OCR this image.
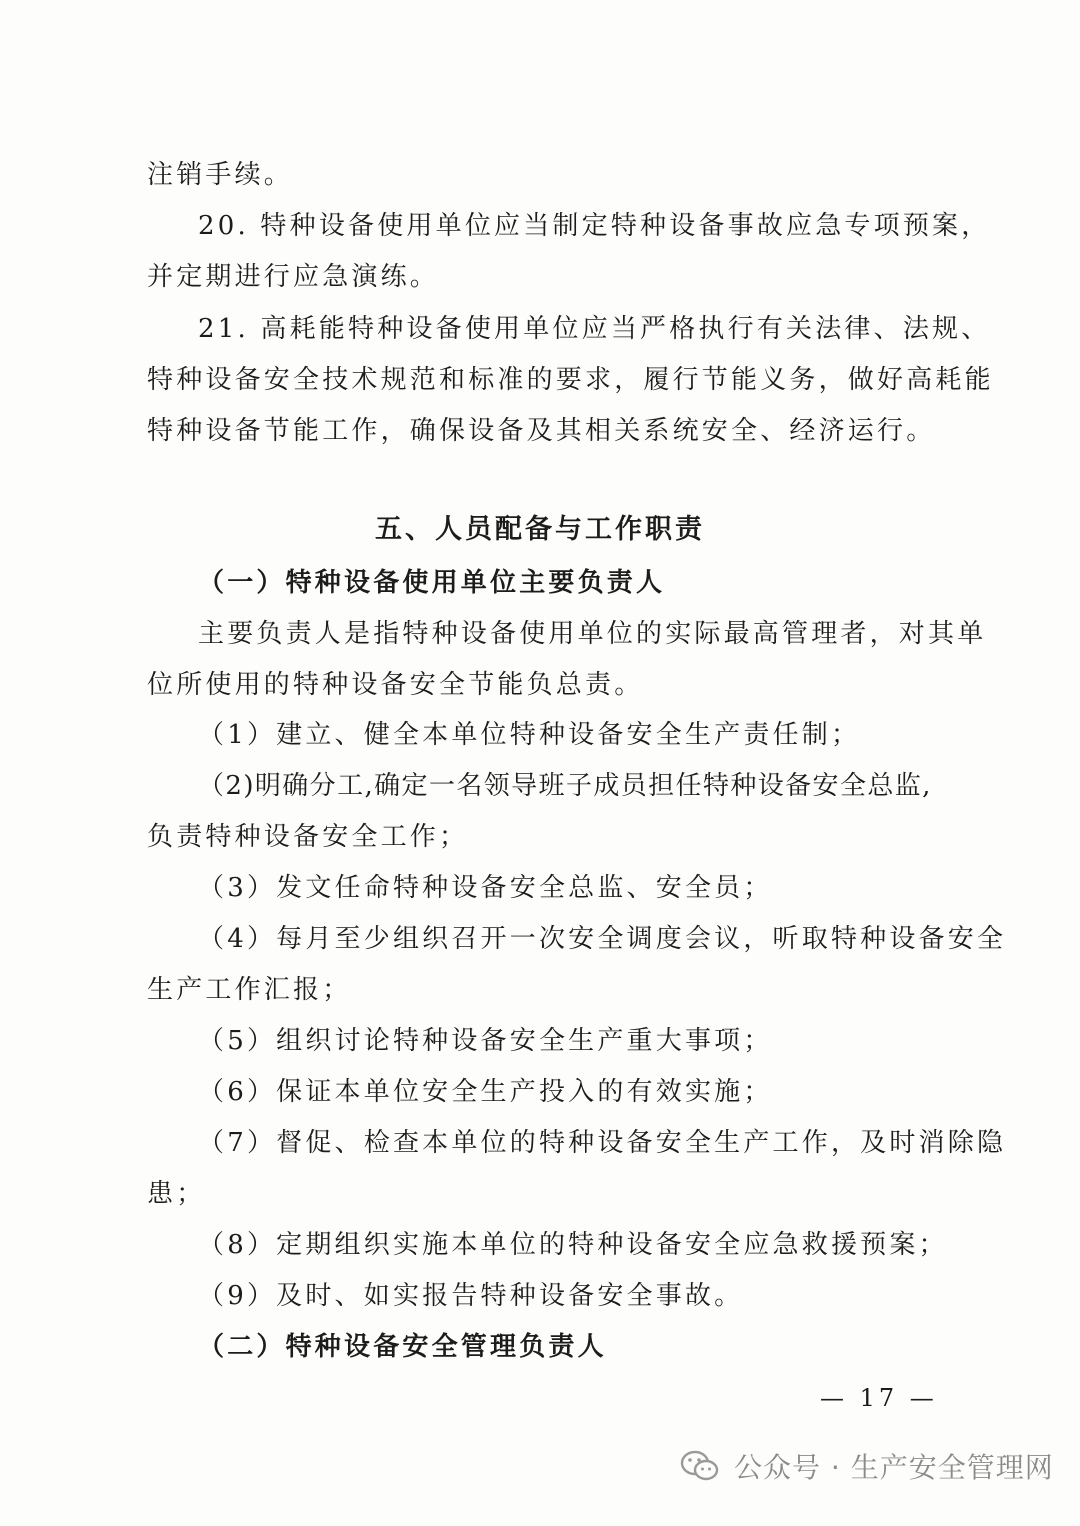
注销手续。
20. 特种设备使用单位应当制定特种设备事故应急专项预案，
并定期进行应急演练。
21. 高耗能特种设备使用单位应当严格执行有关法律、法规、
特种设备安全技术规范和标准的要求，履行节能义务，做好高耗能
特种设备节能工作，确保设备及其相关系统安全、经济运行。
五、人员配备与工作职责
（一）特种设备使用单位主要负责人
主要负责人是指特种设备使用单位的实际最高管理者，对其单
位所使用的特种设备安全节能负总责。
（1）建立、健全本单位特种设备安全生产责任制；
（2)明确分工,确定一名领导班子成员担任特种设备安全总监,
负责特种设备安全工作；
（3）发文任命特种设备安全总监、安全员；
（4）每月至少组织召开一次安全调度会议，听取特种设备安全
生产工作汇报；
（5）组织讨论特种设备安全生产重大事项；
（6）保证本单位安全生产投入的有效实施；
（7）督促、检查本单位的特种设备安全生产工作，及时消除隐
患；
（8）定期组织实施本单位的特种设备安全应急救援预案；
（9）及时、如实报告特种设备安全事故。
（二）特种设备安全管理负责人
— 17 —
公众号 · 生产安全管理网
